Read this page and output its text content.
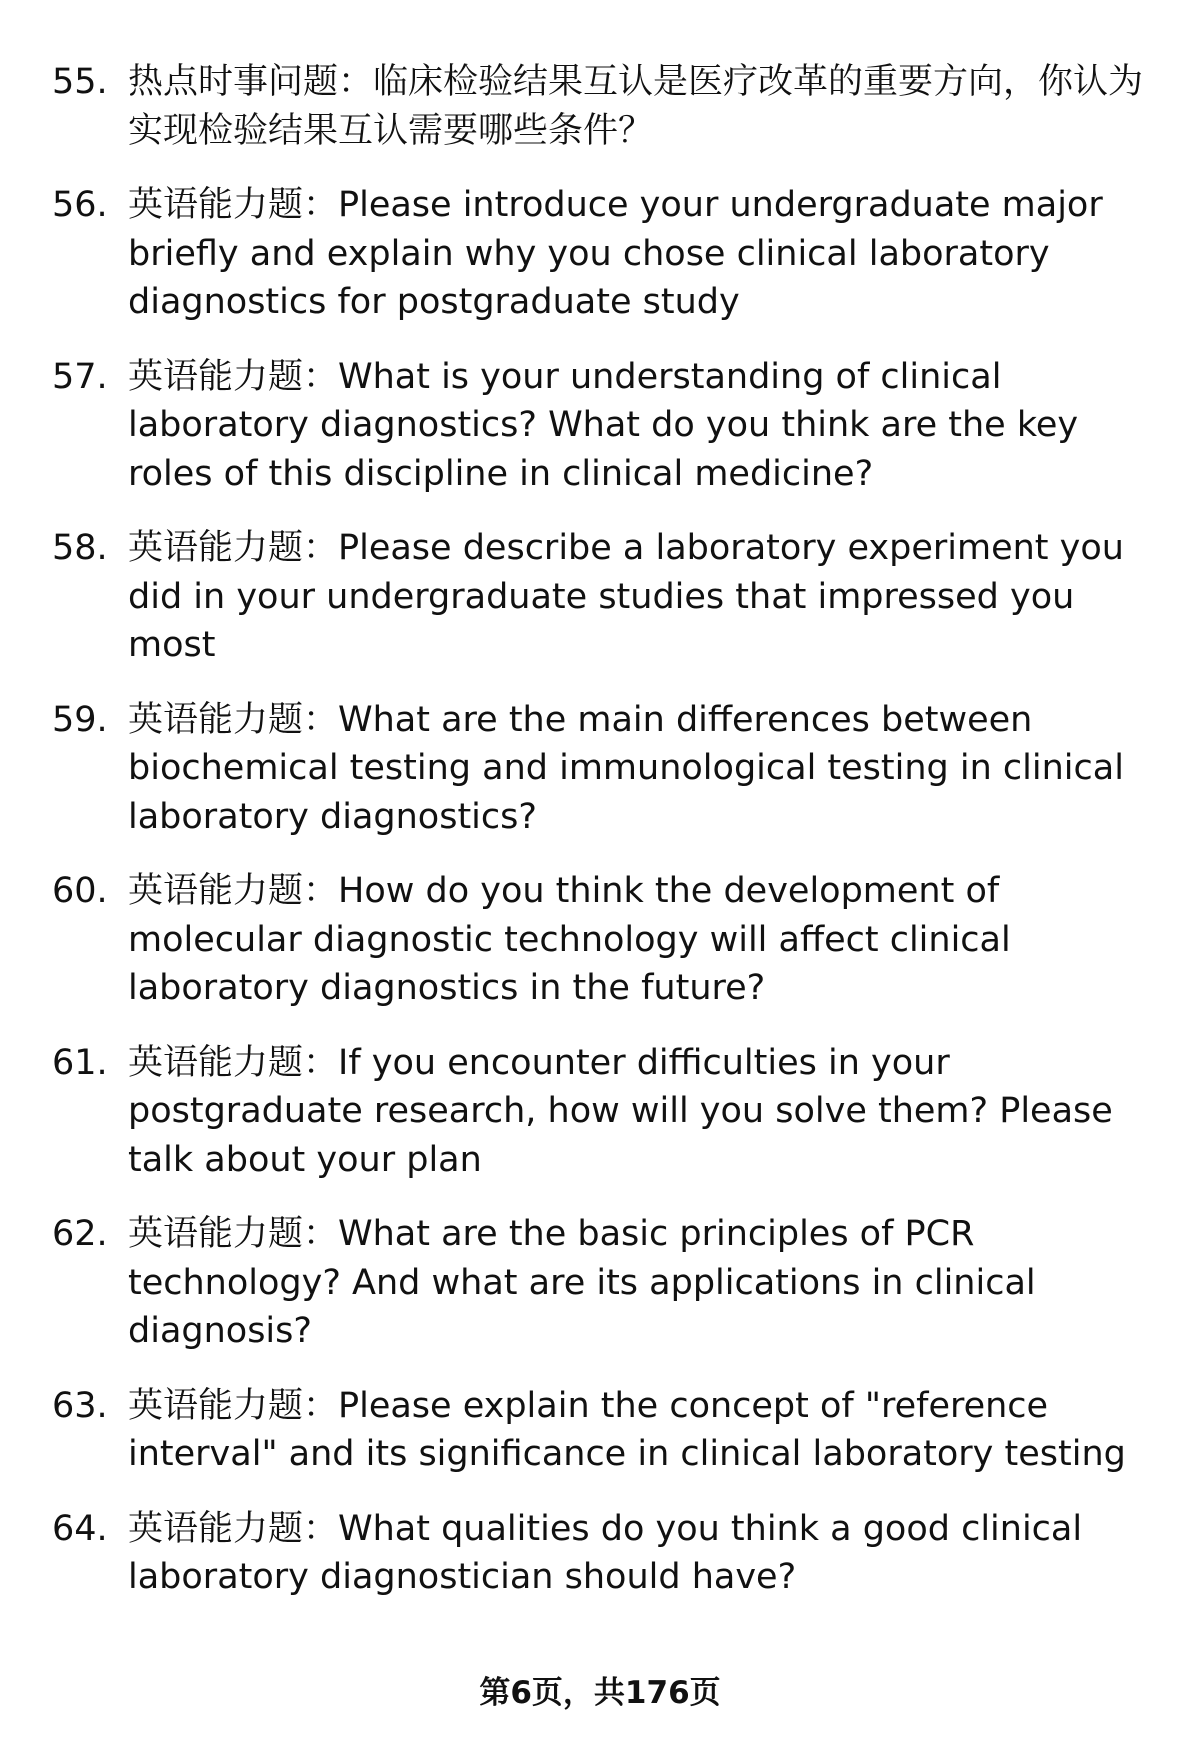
55. 热点时事问题：临床检验结果互认是医疗改革的重要方向，你认为实现检验结果互认需要哪些条件？
56. 英语能力题：Please introduce your undergraduate major briefly and explain why you chose clinical laboratory diagnostics for postgraduate study
57. 英语能力题：What is your understanding of clinical laboratory diagnostics? What do you think are the key roles of this discipline in clinical medicine?
58. 英语能力题：Please describe a laboratory experiment you did in your undergraduate studies that impressed you most
59. 英语能力题：What are the main differences between biochemical testing and immunological testing in clinical laboratory diagnostics?
60. 英语能力题：How do you think the development of molecular diagnostic technology will affect clinical laboratory diagnostics in the future?
61. 英语能力题：If you encounter difficulties in your postgraduate research, how will you solve them? Please talk about your plan
62. 英语能力题：What are the basic principles of PCR technology? And what are its applications in clinical diagnosis?
63. 英语能力题：Please explain the concept of "reference interval" and its significance in clinical laboratory testing
64. 英语能力题：What qualities do you think a good clinical laboratory diagnostician should have?
第6页，共176页
